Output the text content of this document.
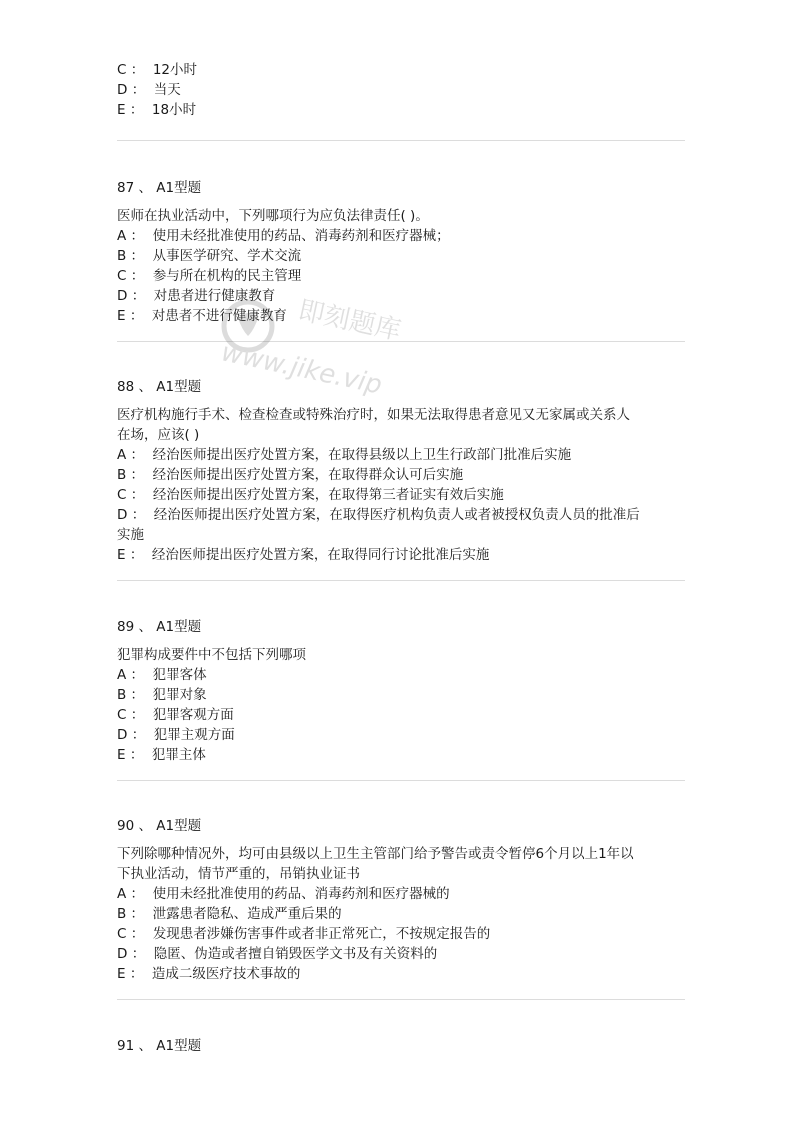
C ：  12小时
D ：  当天
E ：  18小时
87 、 A1型题
医师在执业活动中，下列哪项行为应负法律责任( )。
A ：  使用未经批准使用的药品、消毒药剂和医疗器械；
B ：  从事医学研究、学术交流
C ：  参与所在机构的民主管理
D ：  对患者进行健康教育
E ：  对患者不进行健康教育
88 、 A1型题
医疗机构施行手术、检查检查或特殊治疗时，如果无法取得患者意见又无家属或关系人
在场，应该( )
A ：  经治医师提出医疗处置方案，在取得县级以上卫生行政部门批准后实施
B ：  经治医师提出医疗处置方案，在取得群众认可后实施
C ：  经治医师提出医疗处置方案，在取得第三者证实有效后实施
D ：  经治医师提出医疗处置方案，在取得医疗机构负责人或者被授权负责人员的批准后
实施
E ：  经治医师提出医疗处置方案，在取得同行讨论批准后实施
89 、 A1型题
犯罪构成要件中不包括下列哪项
A ：  犯罪客体
B ：  犯罪对象
C ：  犯罪客观方面
D ：  犯罪主观方面
E ：  犯罪主体
90 、 A1型题
下列除哪种情况外，均可由县级以上卫生主管部门给予警告或责令暂停6个月以上1年以
下执业活动，情节严重的，吊销执业证书
A ：  使用未经批准使用的药品、消毒药剂和医疗器械的
B ：  泄露患者隐私、造成严重后果的
C ：  发现患者涉嫌伤害事件或者非正常死亡，不按规定报告的
D ：  隐匿、伪造或者擅自销毁医学文书及有关资料的
E ：  造成二级医疗技术事故的
91 、 A1型题
即刻题库
www.jike.vip
